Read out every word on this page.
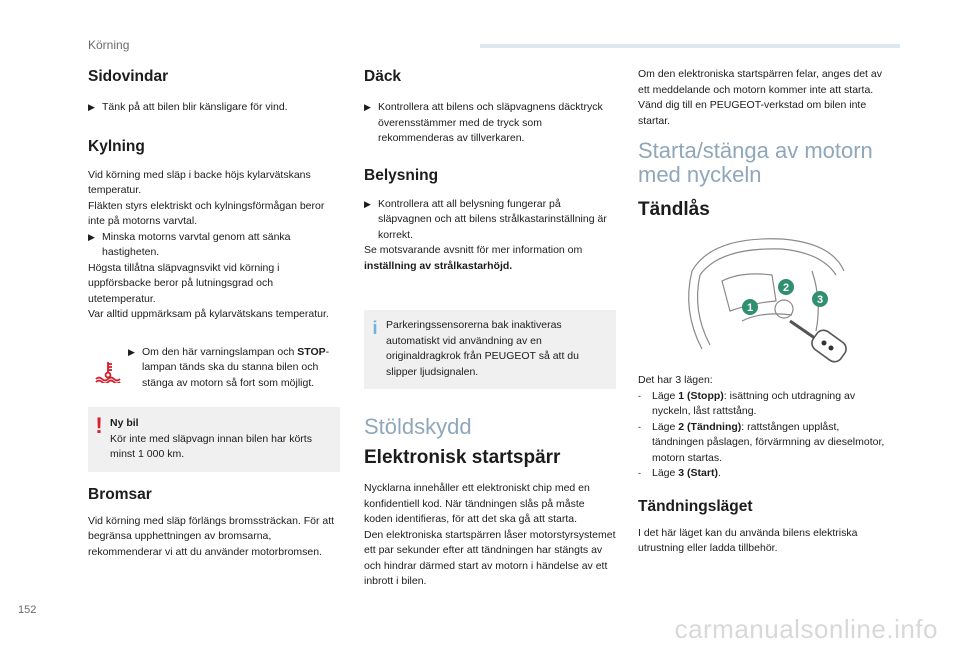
Körning
Sidovindar
▶ Tänk på att bilen blir känsligare för vind.
Kylning

Vid körning med släp i backe höjs kylarvätskans temperatur.

Fläkten styrs elektriskt och kylningsförmågan beror inte på motorns varvtal.

▶ Minska motorns varvtal genom att sänka hastigheten.

Högsta tillåtna släpvagnsvikt vid körning i uppförsbacke beror på lutningsgrad och utetemperatur.

Var alltid uppmärksam på kylarvätskans temperatur.

▶ Om den här varningslampan och STOP-lampan tänds ska du stanna bilen och stänga av motorn så fort som möjligt.

! Ny bil

Kör inte med släpvagn innan bilen har körts minst 1 000 km.

Bromsar

Vid körning med släp förlängs bromssträckan. För att begränsa upphettningen av bromsarna, rekommenderar vi att du använder motorbromsen.

Däck
▶ Kontrollera att bilens och släpvagnens däcktryck överensstämmer med de tryck som rekommenderas av tillverkaren.
Belysning
▶ Kontrollera att all belysning fungerar på släpvagnen och att bilens strålkastarinställning är korrekt.

Se motsvarande avsnitt för mer information om inställning av strålkastarhöjd.

i Parkeringssensorerna bak inaktiveras automatiskt vid användning av en originaldragkrok från PEUGEOT så att du slipper ljudsignalen.

Stöldskydd
Elektronisk startspärr

Nycklarna innehåller ett elektroniskt chip med en konfidentiell kod. När tändningen slås på måste koden identifieras, för att det ska gå att starta.

Den elektroniska startspärren låser motorstyrsystemet ett par sekunder efter att tändningen har stängts av och hindrar därmed start av motorn i händelse av ett inbrott i bilen.

Om den elektroniska startspärren felar, anges det av ett meddelande och motorn kommer inte att starta.

Vänd dig till en PEUGEOT-verkstad om bilen inte startar.

Starta/stänga av motorn med nyckeln
Tändlås
1
2
3

Det har 3 lägen:

-	Läge 1 (Stopp): isättning och utdragning av nyckeln, låst rattstång.

-	Läge 2 (Tändning): rattstången upplåst, tändningen påslagen, förvärmning av dieselmotor, motorn startas.

-	Läge 3 (Start).

Tändningsläget

I det här läget kan du använda bilens elektriska utrustning eller ladda tillbehör.

152
carmanualsonline.info
